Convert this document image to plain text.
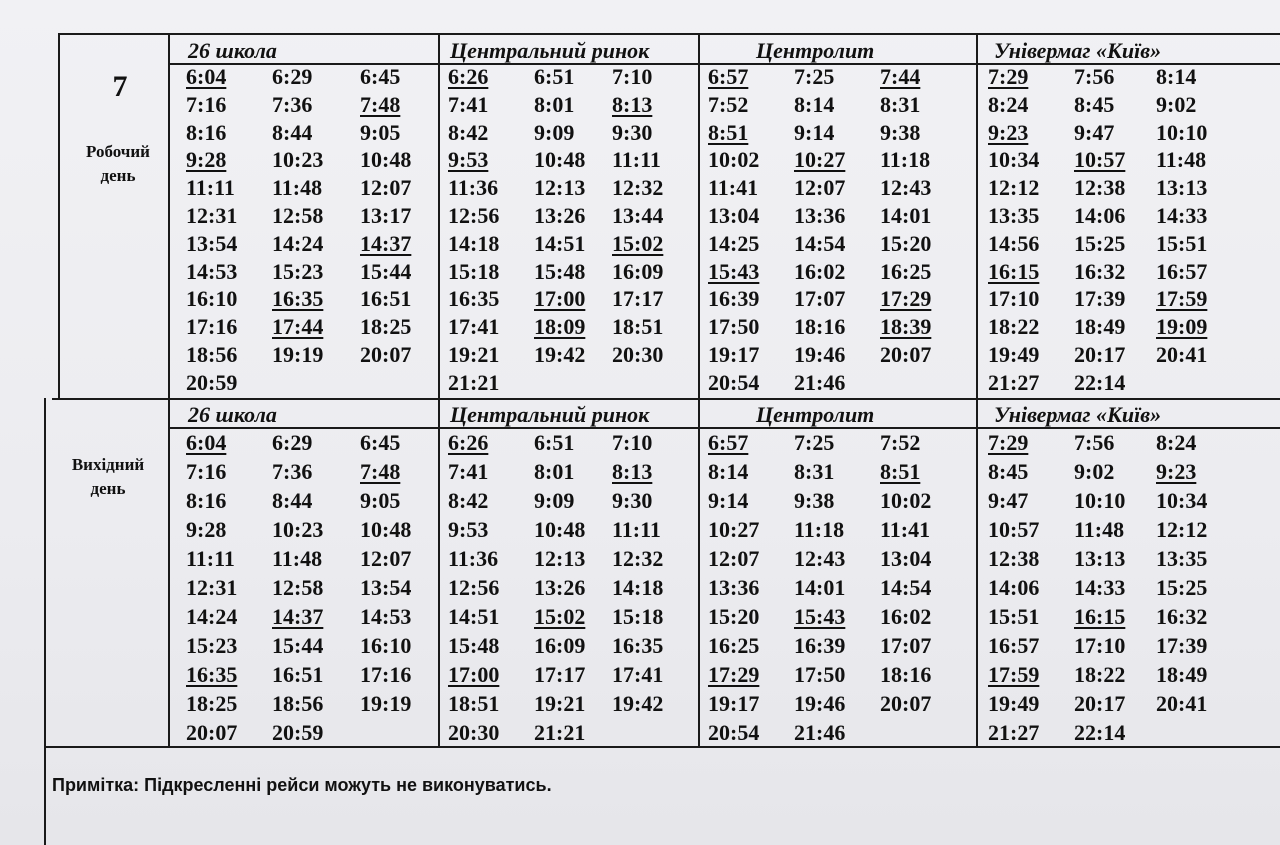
7
Робочий
день
Вихідний
день
26 школа
6:04 6:29 6:45
7:16 7:36 7:48
8:16 8:44 9:05
9:28 10:23 10:48
11:11 11:48 12:07
12:31 12:58 13:17
13:54 14:24 14:37
14:53 15:23 15:44
16:10 16:35 16:51
17:16 17:44 18:25
18:56 19:19 20:07
20:59
Центральний ринок
6:26 6:51 7:10
7:41 8:01 8:13
8:42 9:09 9:30
9:53 10:48 11:11
11:36 12:13 12:32
12:56 13:26 13:44
14:18 14:51 15:02
15:18 15:48 16:09
16:35 17:00 17:17
17:41 18:09 18:51
19:21 19:42 20:30
21:21
Центролит
6:57 7:25 7:44
7:52 8:14 8:31
8:51 9:14 9:38
10:02 10:27 11:18
11:41 12:07 12:43
13:04 13:36 14:01
14:25 14:54 15:20
15:43 16:02 16:25
16:39 17:07 17:29
17:50 18:16 18:39
19:17 19:46 20:07
20:54 21:46
Універмаг «Київ»
7:29 7:56 8:14
8:24 8:45 9:02
9:23 9:47 10:10
10:34 10:57 11:48
12:12 12:38 13:13
13:35 14:06 14:33
14:56 15:25 15:51
16:15 16:32 16:57
17:10 17:39 17:59
18:22 18:49 19:09
19:49 20:17 20:41
21:27 22:14
26 школа
6:04 6:29 6:45
7:16 7:36 7:48
8:16 8:44 9:05
9:28 10:23 10:48
11:11 11:48 12:07
12:31 12:58 13:54
14:24 14:37 14:53
15:23 15:44 16:10
16:35 16:51 17:16
18:25 18:56 19:19
20:07 20:59
Центральний ринок
6:26 6:51 7:10
7:41 8:01 8:13
8:42 9:09 9:30
9:53 10:48 11:11
11:36 12:13 12:32
12:56 13:26 14:18
14:51 15:02 15:18
15:48 16:09 16:35
17:00 17:17 17:41
18:51 19:21 19:42
20:30 21:21
Центролит
6:57 7:25 7:52
8:14 8:31 8:51
9:14 9:38 10:02
10:27 11:18 11:41
12:07 12:43 13:04
13:36 14:01 14:54
15:20 15:43 16:02
16:25 16:39 17:07
17:29 17:50 18:16
19:17 19:46 20:07
20:54 21:46
Універмаг «Київ»
7:29 7:56 8:24
8:45 9:02 9:23
9:47 10:10 10:34
10:57 11:48 12:12
12:38 13:13 13:35
14:06 14:33 15:25
15:51 16:15 16:32
16:57 17:10 17:39
17:59 18:22 18:49
19:49 20:17 20:41
21:27 22:14
Примітка: Підкресленні рейси можуть не виконуватись.
